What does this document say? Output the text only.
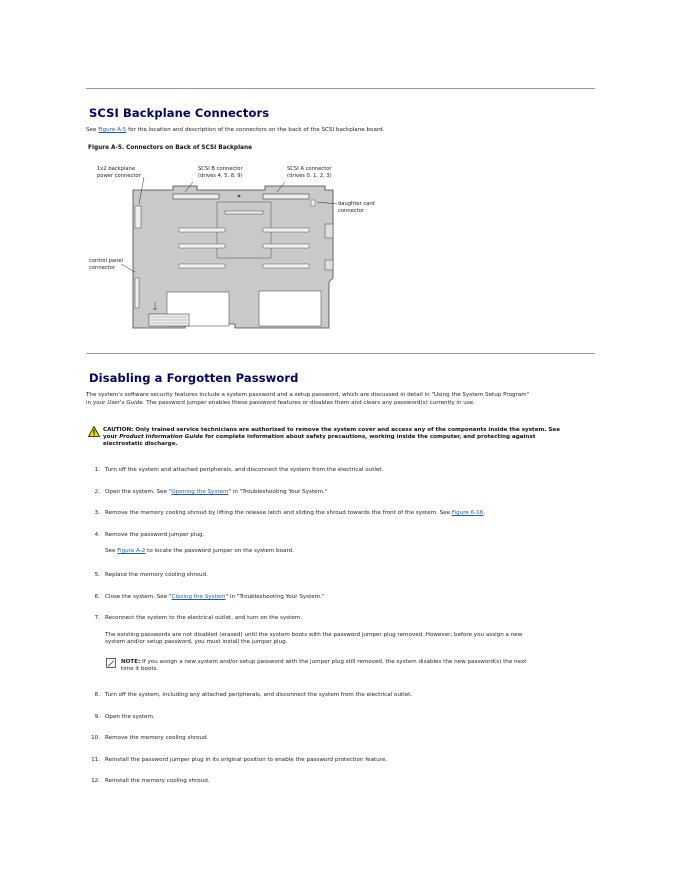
SCSI Backplane Connectors
See Figure A-5 for the location and description of the connectors on the back of the SCSI backplane board.
Figure A-5. Connectors on Back of SCSI Backplane
1x2 backplane
power connector
SCSI B connector
(drives 4, 5, 8, 9)
SCSI A connector
(drives 0, 1, 2, 3)
daughter card
connector
control panel
connector
Disabling a Forgotten Password
The system's software security features include a system password and a setup password, which are discussed in detail in "Using the System Setup Program"
in your User's Guide. The password jumper enables these password features or disables them and clears any password(s) currently in use.
CAUTION: Only trained service technicians are authorized to remove the system cover and access any of the components inside the system. See
your Product Information Guide for complete information about safety precautions, working inside the computer, and protecting against
electrostatic discharge.
1. Turn off the system and attached peripherals, and disconnect the system from the electrical outlet.
2. Open the system. See "Opening the System" in "Troubleshooting Your System."
3. Remove the memory cooling shroud by lifting the release latch and sliding the shroud towards the front of the system. See Figure 6-16.
4. Remove the password jumper plug.
5. Replace the memory cooling shroud.
6. Close the system. See "Closing the System" in "Troubleshooting Your System."
7. Reconnect the system to the electrical outlet, and turn on the system.
8. Turn off the system, including any attached peripherals, and disconnect the system from the electrical outlet.
9. Open the system.
10. Remove the memory cooling shroud.
11. Reinstall the password jumper plug in its original position to enable the password protection feature.
12. Reinstall the memory cooling shroud.
See Figure A-2 to locate the password jumper on the system board.
The existing passwords are not disabled (erased) until the system boots with the password jumper plug removed. However, before you assign a new
system and/or setup password, you must install the jumper plug.
NOTE: If you assign a new system and/or setup password with the jumper plug still removed, the system disables the new password(s) the next
time it boots.
